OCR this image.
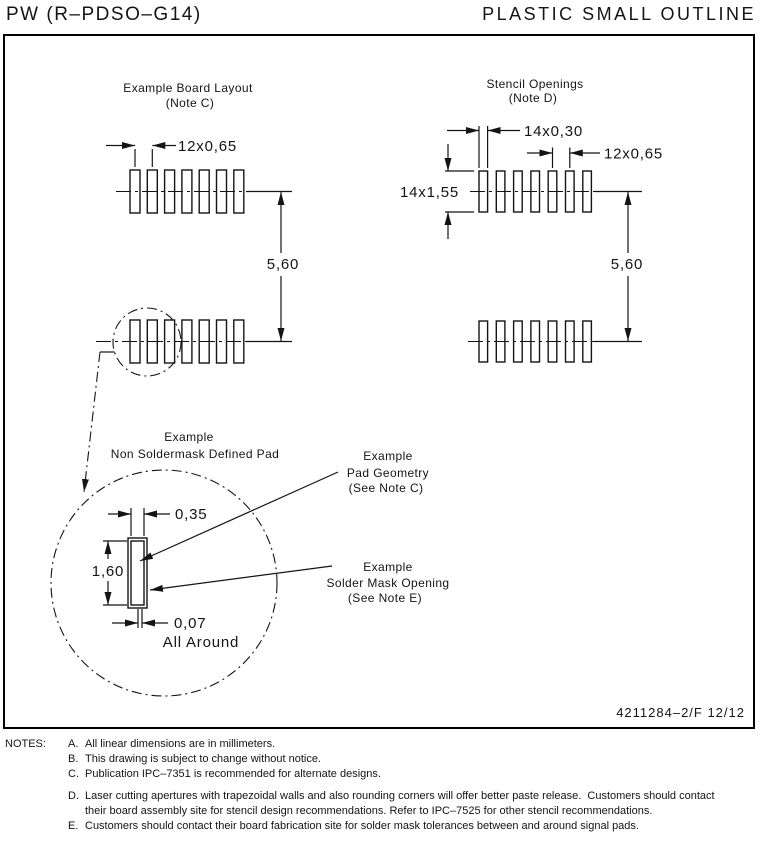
PW (R–PDSO–G14)	PLASTIC SMALL OUTLINE
Example Board Layout
(Note C)
12x0,65
5,60
Stencil Openings
(Note D)
14x0,30
12x0,65
14x1,55
5,60
Example
Non Soldermask Defined Pad
0,35
1,60
0,07
All Around
Example
Pad Geometry
(See Note C)
Example
Solder Mask Opening
(See Note E)
4211284–2/F 12/12
NOTES:	A. All linear dimensions are in millimeters.
B. This drawing is subject to change without notice.
C. Publication IPC–7351 is recommended for alternate designs.
D. Laser cutting apertures with trapezoidal walls and also rounding corners will offer better paste release.  Customers should contact their board assembly site for stencil design recommendations. Refer to IPC–7525 for other stencil recommendations.
E. Customers should contact their board fabrication site for solder mask tolerances between and around signal pads.
